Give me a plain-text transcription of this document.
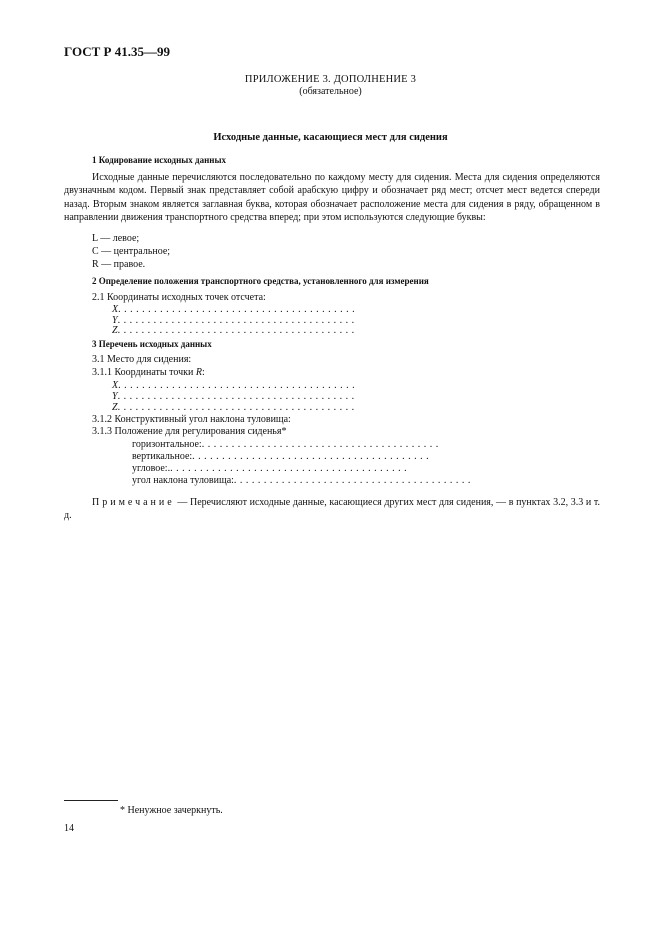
ГОСТ Р 41.35—99
ПРИЛОЖЕНИЕ 3. ДОПОЛНЕНИЕ 3
(обязательное)
Исходные данные, касающиеся мест для сидения
1 Кодирование исходных данных
Исходные данные перечисляются последовательно по каждому месту для сидения. Места для сидения определяются двузначным кодом. Первый знак представляет собой арабскую цифру и обозначает ряд мест; отсчет мест ведется спереди назад. Вторым знаком является заглавная буква, которая обозначает расположение места для сидения в ряду, обращенном в направлении движения транспортного средства вперед; при этом используются следующие буквы:
L — левое;
C — центральное;
R — правое.
2 Определение положения транспортного средства, установленного для измерения
2.1 Координаты исходных точек отсчета:
X. . . . . . . . . . . . . . . . . . . . . . . . . . . . . . . . . . . . . . . .
Y. . . . . . . . . . . . . . . . . . . . . . . . . . . . . . . . . . . . . . . .
Z. . . . . . . . . . . . . . . . . . . . . . . . . . . . . . . . . . . . . . . .
3 Перечень исходных данных
3.1 Место для сидения:
3.1.1 Координаты точки R:
X. . . . . . . . . . . . . . . . . . . . . . . . . . . . . . . . . . . . . . . .
Y. . . . . . . . . . . . . . . . . . . . . . . . . . . . . . . . . . . . . . . .
Z. . . . . . . . . . . . . . . . . . . . . . . . . . . . . . . . . . . . . . . .
3.1.2 Конструктивный угол наклона туловища:
3.1.3 Положение для регулирования сиденья*
горизонтальное:. . . . . . . . . . . . . . . . . . . . . . . . . . . . . . . . . . . . . . . .
вертикальное:. . . . . . . . . . . . . . . . . . . . . . . . . . . . . . . . . . . . . . . .
угловое:.. . . . . . . . . . . . . . . . . . . . . . . . . . . . . . . . . . . . . . . .
угол наклона туловища:. . . . . . . . . . . . . . . . . . . . . . . . . . . . . . . . . . . . . . . .
Примечание — Перечисляют исходные данные, касающиеся других мест для сидения, — в пунктах 3.2, 3.3 и т. д.
* Ненужное зачеркнуть.
14
